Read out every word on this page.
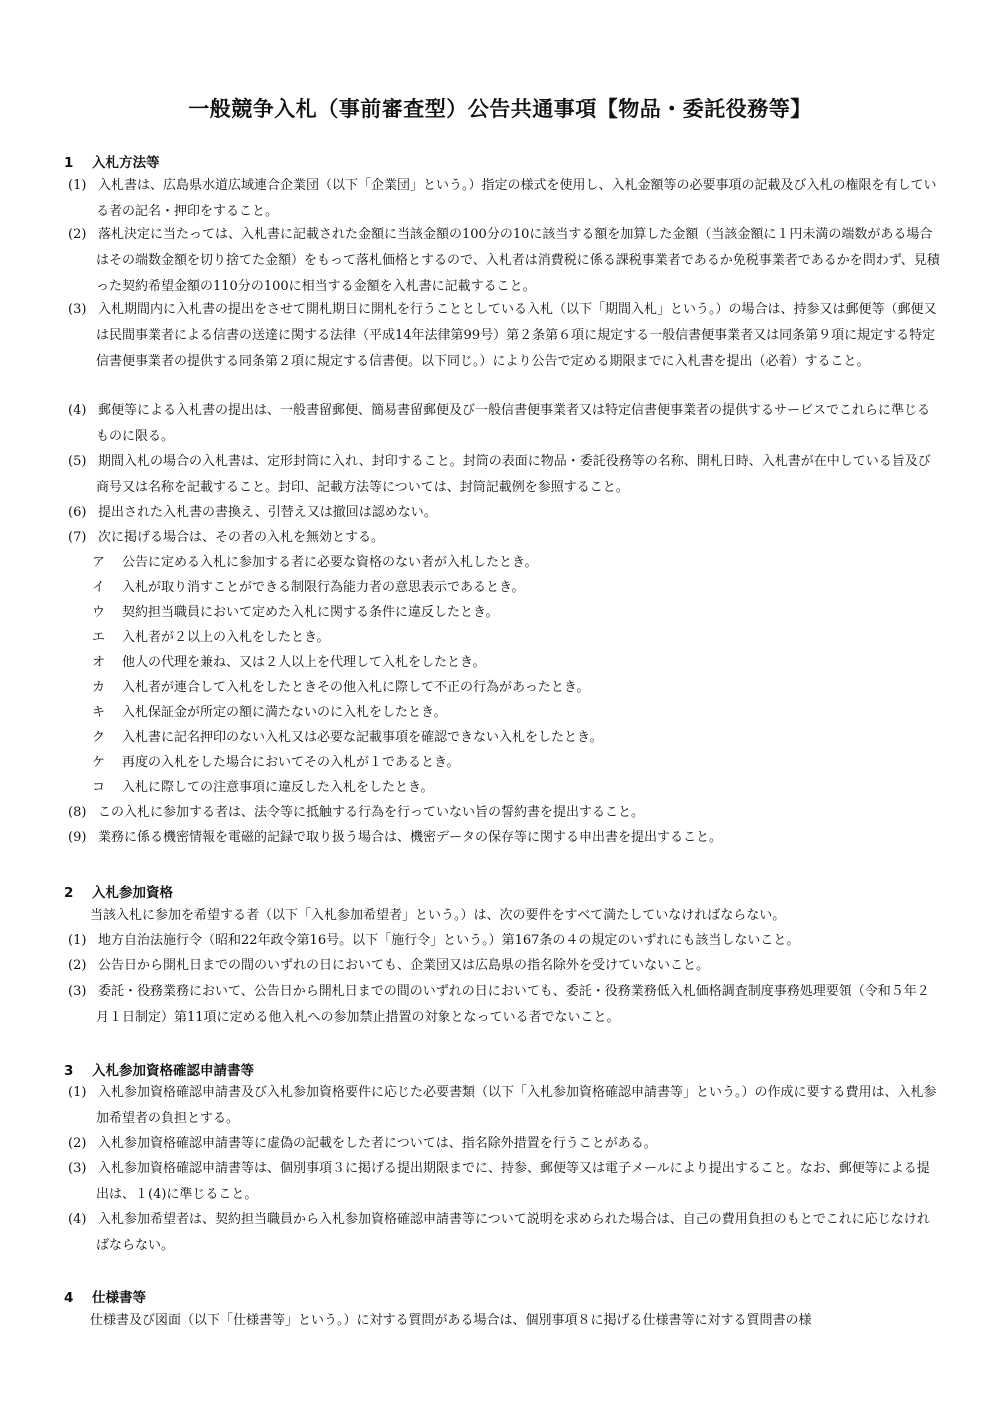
一般競争入札（事前審査型）公告共通事項【物品・委託役務等】
1 入札方法等
(1) 入札書は、広島県水道広域連合企業団（以下「企業団」という。）指定の様式を使用し、入札金額等の必要事項の記載及び入札の権限を有している者の記名・押印をすること。
(2) 落札決定に当たっては、入札書に記載された金額に当該金額の100分の10に該当する額を加算した金額（当該金額に１円未満の端数がある場合はその端数金額を切り捨てた金額）をもって落札価格とするので、入札者は消費税に係る課税事業者であるか免税事業者であるかを問わず、見積った契約希望金額の110分の100に相当する金額を入札書に記載すること。
(3) 入札期間内に入札書の提出をさせて開札期日に開札を行うこととしている入札（以下「期間入札」という。）の場合は、持参又は郵便等（郵便又は民間事業者による信書の送達に関する法律（平成14年法律第99号）第２条第６項に規定する一般信書便事業者又は同条第９項に規定する特定信書便事業者の提供する同条第２項に規定する信書便。以下同じ。）により公告で定める期限までに入札書を提出（必着）すること。
(4) 郵便等による入札書の提出は、一般書留郵便、簡易書留郵便及び一般信書便事業者又は特定信書便事業者の提供するサービスでこれらに準じるものに限る。
(5) 期間入札の場合の入札書は、定形封筒に入れ、封印すること。封筒の表面に物品・委託役務等の名称、開札日時、入札書が在中している旨及び商号又は名称を記載すること。封印、記載方法等については、封筒記載例を参照すること。
(6) 提出された入札書の書換え、引替え又は撤回は認めない。
(7) 次に掲げる場合は、その者の入札を無効とする。
ア 公告に定める入札に参加する者に必要な資格のない者が入札したとき。
イ 入札が取り消すことができる制限行為能力者の意思表示であるとき。
ウ 契約担当職員において定めた入札に関する条件に違反したとき。
エ 入札者が２以上の入札をしたとき。
オ 他人の代理を兼ね、又は２人以上を代理して入札をしたとき。
カ 入札者が連合して入札をしたときその他入札に際して不正の行為があったとき。
キ 入札保証金が所定の額に満たないのに入札をしたとき。
ク 入札書に記名押印のない入札又は必要な記載事項を確認できない入札をしたとき。
ケ 再度の入札をした場合においてその入札が１であるとき。
コ 入札に際しての注意事項に違反した入札をしたとき。
(8) この入札に参加する者は、法令等に抵触する行為を行っていない旨の誓約書を提出すること。
(9) 業務に係る機密情報を電磁的記録で取り扱う場合は、機密データの保存等に関する申出書を提出すること。
2 入札参加資格
当該入札に参加を希望する者（以下「入札参加希望者」という。）は、次の要件をすべて満たしていなければならない。
(1) 地方自治法施行令（昭和22年政令第16号。以下「施行令」という。）第167条の４の規定のいずれにも該当しないこと。
(2) 公告日から開札日までの間のいずれの日においても、企業団又は広島県の指名除外を受けていないこと。
(3) 委託・役務業務において、公告日から開札日までの間のいずれの日においても、委託・役務業務低入札価格調査制度事務処理要領（令和５年２月１日制定）第11項に定める他入札への参加禁止措置の対象となっている者でないこと。
3 入札参加資格確認申請書等
(1) 入札参加資格確認申請書及び入札参加資格要件に応じた必要書類（以下「入札参加資格確認申請書等」という。）の作成に要する費用は、入札参加希望者の負担とする。
(2) 入札参加資格確認申請書等に虚偽の記載をした者については、指名除外措置を行うことがある。
(3) 入札参加資格確認申請書等は、個別事項３に掲げる提出期限までに、持参、郵便等又は電子メールにより提出すること。なお、郵便等による提出は、１(4)に準じること。
(4) 入札参加希望者は、契約担当職員から入札参加資格確認申請書等について説明を求められた場合は、自己の費用負担のもとでこれに応じなければならない。
4 仕様書等
仕様書及び図面（以下「仕様書等」という。）に対する質問がある場合は、個別事項８に掲げる仕様書等に対する質問書の様
